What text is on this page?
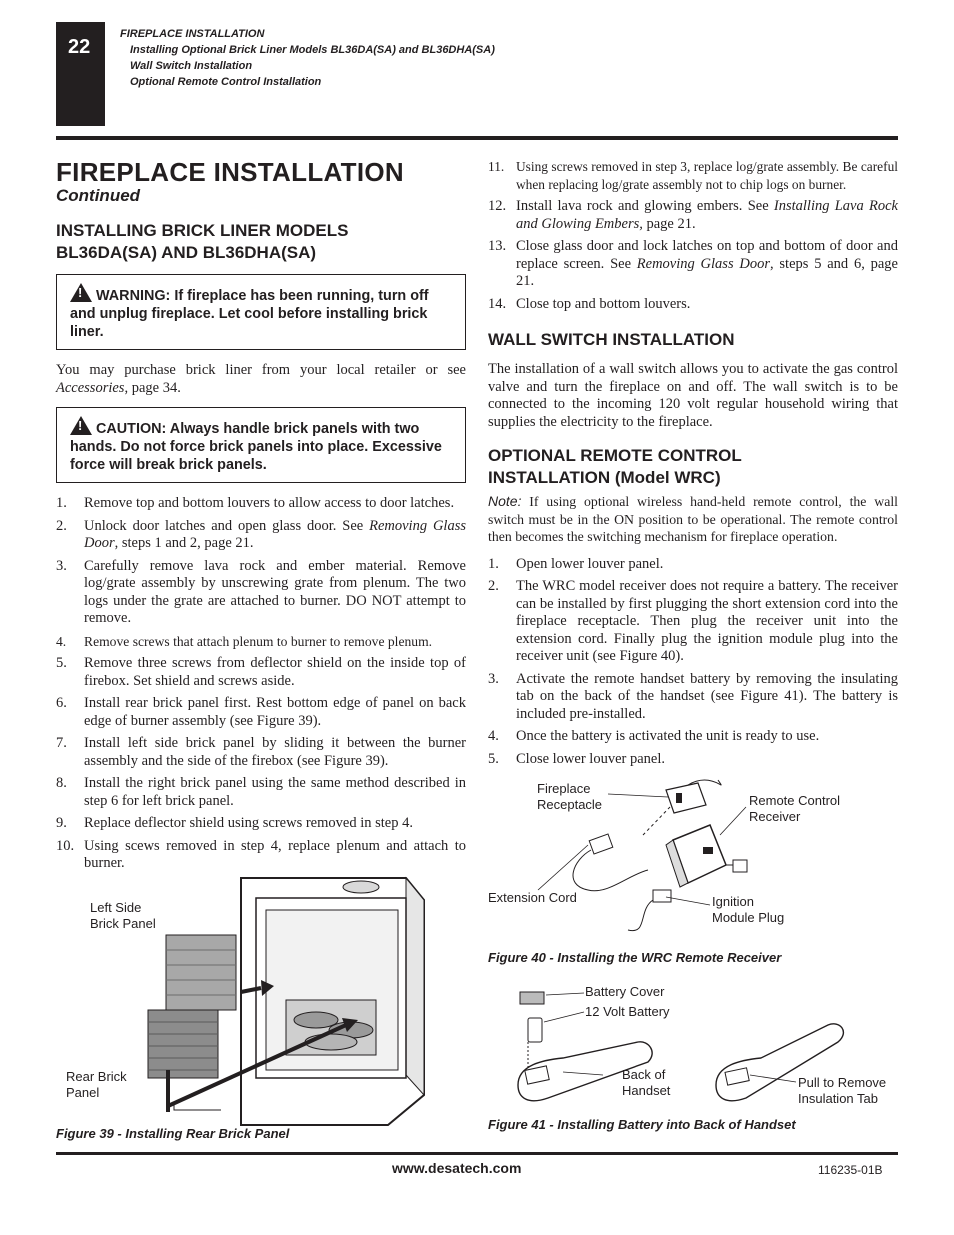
22
FIREPLACE INSTALLATION
Installing Optional Brick Liner Models BL36DA(SA) and BL36DHA(SA)
Wall Switch Installation
Optional Remote Control Installation
FIREPLACE INSTALLATION
Continued
INSTALLING BRICK LINER MODELS
BL36DA(SA) AND BL36DHA(SA)
!WARNING: If fireplace has been running, turn off and unplug fireplace. Let cool before installing brick liner.

You may purchase brick liner from your local retailer or see Accessories, page 34.

!CAUTION: Always handle brick panels with two hands. Do not force brick panels into place. Excessive force will break brick panels.
1. Remove top and bottom louvers to allow access to door latches.
2. Unlock door latches and open glass door. See Removing Glass Door, steps 1 and 2, page 21.
3. Carefully remove lava rock and ember material. Remove log/grate assembly by unscrewing grate from plenum. The two logs under the grate are attached to burner. DO NOT attempt to remove.
4. Remove screws that attach plenum to burner to remove plenum.
5. Remove three screws from deflector shield on the inside top of firebox. Set shield and screws aside.
6. Install rear brick panel first. Rest bottom edge of panel on back edge of burner assembly (see Figure 39).
7. Install left side brick panel by sliding it between the burner assembly and the side of the firebox (see Figure 39).
8. Install the right brick panel using the same method described in step 6 for left brick panel.
9. Replace deflector shield using screws removed in step 4.
10. Using scews removed in step 4, replace plenum and attach to burner.
Left Side
Brick Panel
Rear Brick
Panel
Figure 39 - Installing Rear Brick Panel
11. Using screws removed in step 3, replace log/grate assembly. Be careful when replacing log/grate assembly not to chip logs on burner.
12. Install lava rock and glowing embers. See Installing Lava Rock and Glowing Embers, page 21.
13. Close glass door and lock latches on top and bottom of door and replace screen. See Removing Glass Door, steps 5 and 6, page 21.
14. Close top and bottom louvers.
WALL SWITCH INSTALLATION

The installation of a wall switch allows you to activate the gas control valve and turn the fireplace on and off. The wall switch is to be connected to the incoming 120 volt regular household wiring that supplies the electricity to the fireplace.

OPTIONAL REMOTE CONTROL
INSTALLATION (Model WRC)

Note: If using optional wireless hand-held remote control, the wall switch must be in the ON position to be operational. The remote control then becomes the switching mechanism for fireplace operation.

1. Open lower louver panel.
2. The WRC model receiver does not require a battery. The receiver can be installed by first plugging the short extension cord into the fireplace receptacle. Then plug the receiver unit into the extension cord. Finally plug the ignition module plug into the receiver unit (see Figure 40).
3. Activate the remote handset battery by removing the insulating tab on the back of the handset (see Figure 41). The battery is included pre-installed.
4. Once the battery is activated the unit is ready to use.
5. Close lower louver panel.
Fireplace
Receptacle	Remote Control
Receiver
Extension Cord	Ignition
Module Plug
Figure 40 - Installing the WRC Remote Receiver
Battery Cover
12 Volt Battery
Back of
Handset
Pull to Remove
Insulation Tab
Figure 41 - Installing Battery into Back of Handset
www.desatech.com	116235-01B
